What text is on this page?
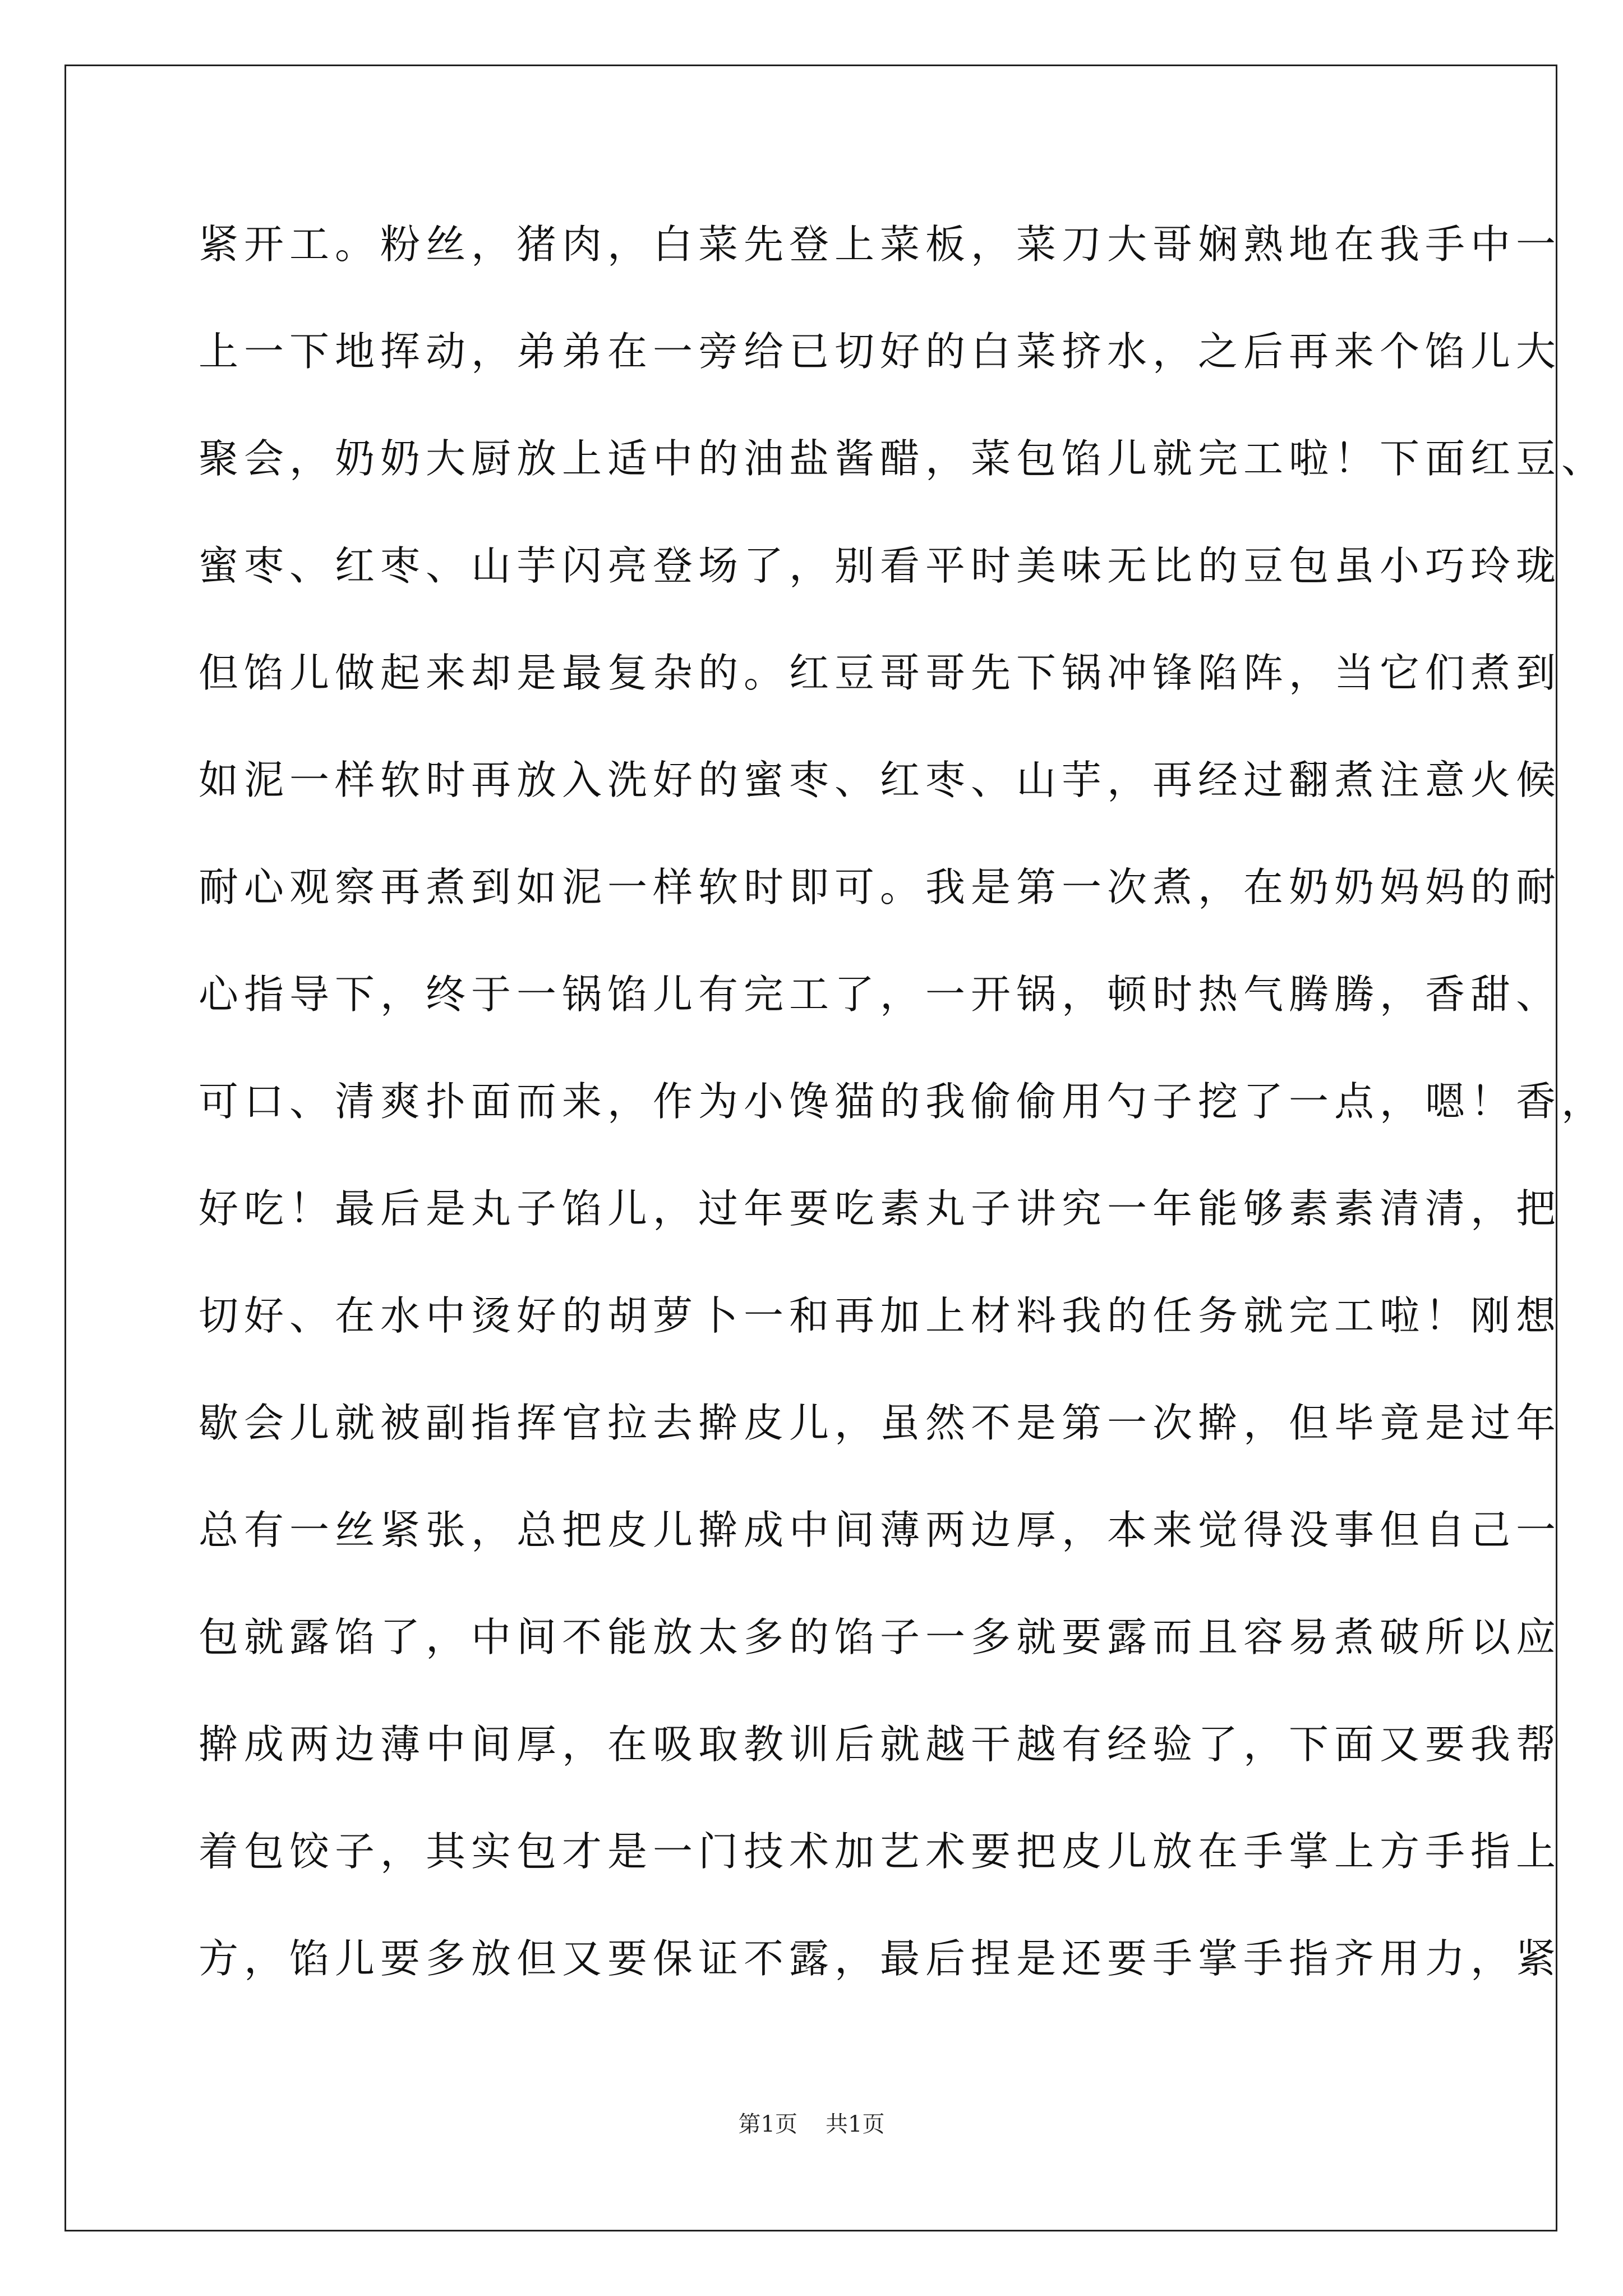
紧开工。粉丝，猪肉，白菜先登上菜板，菜刀大哥娴熟地在我手中一
上一下地挥动，弟弟在一旁给已切好的白菜挤水，之后再来个馅儿大
聚会，奶奶大厨放上适中的油盐酱醋，菜包馅儿就完工啦！下面红豆、
蜜枣、红枣、山芋闪亮登场了，别看平时美味无比的豆包虽小巧玲珑
但馅儿做起来却是最复杂的。红豆哥哥先下锅冲锋陷阵，当它们煮到
如泥一样软时再放入洗好的蜜枣、红枣、山芋，再经过翻煮注意火候
耐心观察再煮到如泥一样软时即可。我是第一次煮，在奶奶妈妈的耐
心指导下，终于一锅馅儿有完工了，一开锅，顿时热气腾腾，香甜、
可口、清爽扑面而来，作为小馋猫的我偷偷用勺子挖了一点，嗯！香，
好吃！最后是丸子馅儿，过年要吃素丸子讲究一年能够素素清清，把
切好、在水中烫好的胡萝卜一和再加上材料我的任务就完工啦！刚想
歇会儿就被副指挥官拉去擀皮儿，虽然不是第一次擀，但毕竟是过年
总有一丝紧张，总把皮儿擀成中间薄两边厚，本来觉得没事但自己一
包就露馅了，中间不能放太多的馅子一多就要露而且容易煮破所以应
擀成两边薄中间厚，在吸取教训后就越干越有经验了，下面又要我帮
着包饺子，其实包才是一门技术加艺术要把皮儿放在手掌上方手指上
方，馅儿要多放但又要保证不露，最后捏是还要手掌手指齐用力，紧
第1页 共1页
